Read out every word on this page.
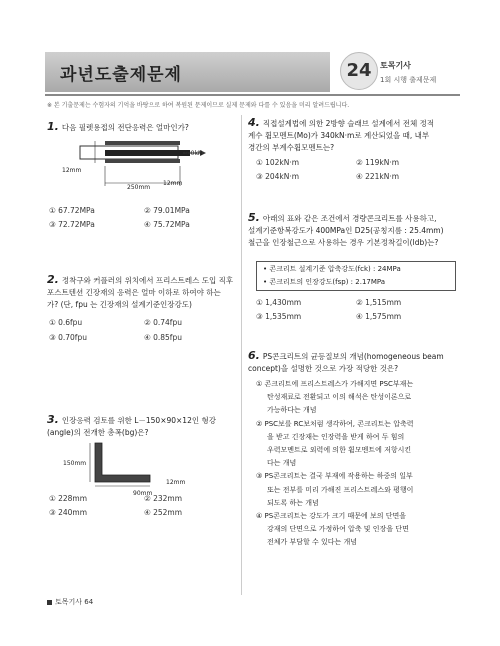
과년도출제문제	24	토목기사
1회 시행 출제문제
※ 본 기출문제는 수험자의 기억을 바탕으로 하여 복원된 문제이므로 실제 문제와 다를 수 있음을 미리 알려드립니다.
1. 다음 필렛용접의 전단응력은 얼마인가?
300kN
12mm
250mm
12mm
① 67.72MPa	② 79.01MPa
③ 72.72MPa	④ 75.72MPa
2. 정착구와 커플러의 위치에서 프리스트레스 도입 직후
포스트텐션 긴장재의 응력은 얼마 이하로 하여야 하는
가? (단, fpu 는 긴장재의 설계기준인장강도)
① 0.6fpu	② 0.74fpu
③ 0.70fpu	④ 0.85fpu
3. 인장응력 검토를 위한 L－150×90×12인 형강
(angle)의 전개한 총폭(bg)은?
150mm
90mm
12mm
① 228mm	② 232mm
③ 240mm	④ 252mm
4. 직접설계법에 의한 2방향 슬래브 설계에서 전체 정적
계수 휨모멘트(Mo)가 340kN·m로 계산되었을 때, 내부
경간의 부계수휨모멘트는?
① 102kN·m	② 119kN·m
③ 204kN·m	④ 221kN·m
5. 아래의 표와 같은 조건에서 경량콘크리트를 사용하고,
설계기준항복강도가 400MPa인 D25(공칭지름 : 25.4mm)
철근을 인장철근으로 사용하는 경우 기본정착길이(ldb)는?
• 콘크리트 설계기준 압축강도(fck) : 24MPa
• 콘크리트의 인장강도(fsp) : 2.17MPa
① 1,430mm	② 1,515mm
③ 1,535mm	④ 1,575mm
6. PS콘크리트의 균등질보의 개념(homogeneous beam
concept)을 설명한 것으로 가장 적당한 것은?
① 콘크리트에 프리스트레스가 가해지면 PSC부재는
탄성재료로 전환되고 이의 해석은 탄성이론으로
가능하다는 개념
② PSC보를 RC보처럼 생각하여, 콘크리트는 압축력
을 받고 긴장재는 인장력을 받게 하여 두 힘의
우력모멘트로 외력에 의한 휨모멘트에 저항시킨
다는 개념
③ PS콘크리트는 결국 부재에 작용하는 하중의 일부
또는 전부를 미리 가해진 프리스트레스와 평행이
되도록 하는 개념
④ PS콘크리트는 강도가 크기 때문에 보의 단면을
강재의 단면으로 가정하여 압축 및 인장을 단면
전체가 부담할 수 있다는 개념
토목기사 64
